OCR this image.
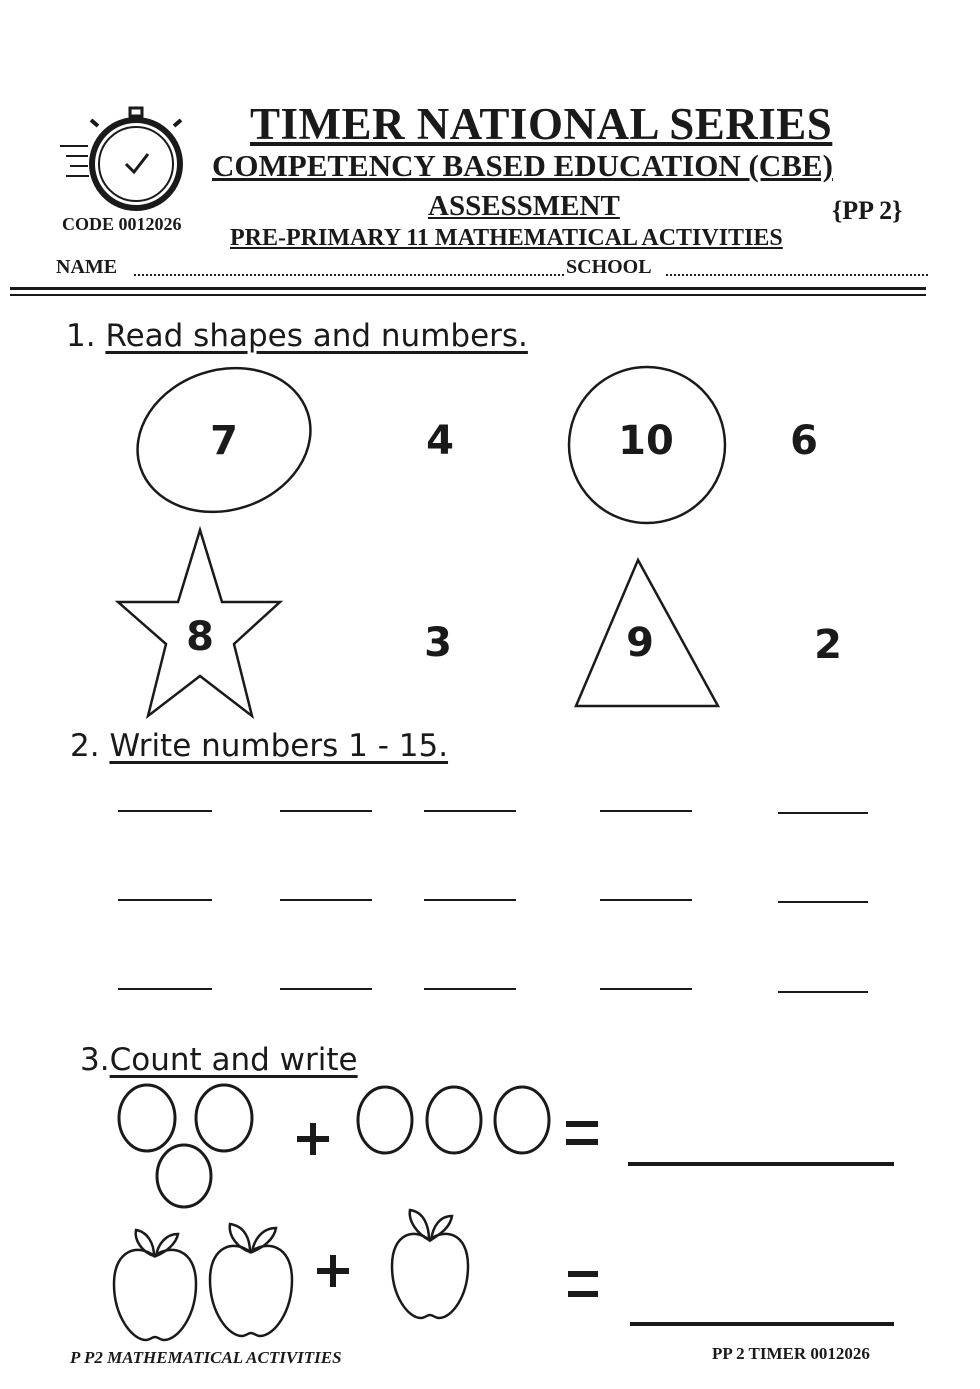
TIMER NATIONAL SERIES
COMPETENCY BASED EDUCATION (CBE)
ASSESSMENT
PRE-PRIMARY 11 MATHEMATICAL ACTIVITIES
{PP 2}
CODE 0012026
NAME	SCHOOL
1. Read shapes and numbers.
7	4	10	6
8	3	9	2
2. Write numbers 1 - 15.
3.Count and write
P P2 MATHEMATICAL ACTIVITIES	PP 2 TIMER 0012026
